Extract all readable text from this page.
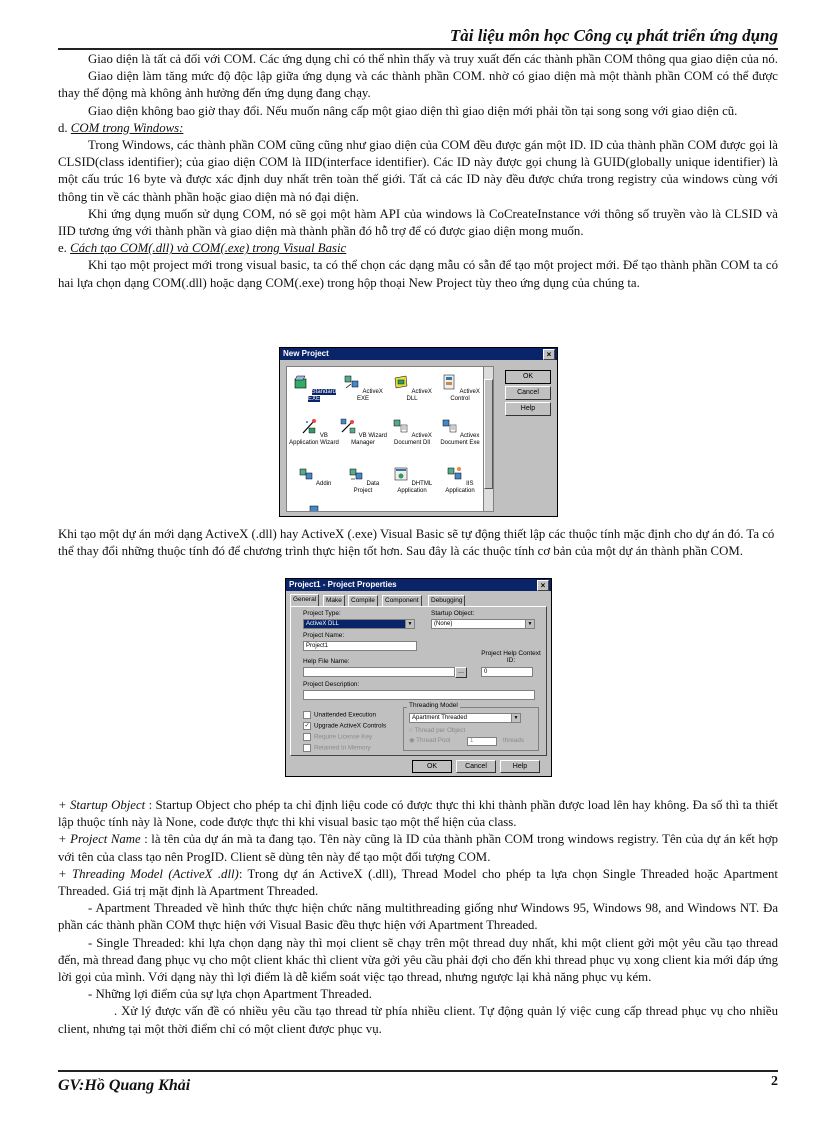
Tài liệu môn học Công cụ phát triển ứng dụng

Giao diện là tất cả đối với COM. Các ứng dụng chỉ có thể nhìn thấy và truy xuất đến các thành phần COM thông qua giao diện của nó.

Giao diện làm tăng mức độ độc lập giữa ứng dụng và các thành phần COM. nhờ có giao diện mà một thành phần COM có thể được thay thế động mà không ảnh hưởng đến ứng dụng đang chạy.

Giao diện không bao giờ thay đổi. Nếu muốn nâng cấp một giao diện thì giao diện mới phải tồn tại song song với giao diện cũ.

d. COM trong Windows:

Trong Windows, các thành phần COM cũng cũng như giao diện của COM đều được gán một ID. ID của thành phần COM được gọi là CLSID(class identifier); của giao diện COM là IID(interface identifier). Các ID này được gọi chung là GUID(globally unique identifier) là một cấu trúc 16 byte và được xác định duy nhất trên toàn thế giới. Tất cả các ID này đều được chứa trong registry của windows cùng với thông tin về các thành phần hoặc giao diện mà nó đại diện.

Khi ứng dụng muốn sử dụng COM, nó sẽ gọi một hàm API của windows là CoCreateInstance với thông số truyền vào là CLSID và IID tương ứng với thành phần và giao diện mà thành phần đó hỗ trợ để có được giao diện mong muốn.

e. Cách tạo COM(.dll) và COM(.exe) trong Visual Basic

Khi tạo một project mới trong visual basic, ta có thể chọn các dạng mẫu có sẵn để tạo một project mới. Để tạo thành phần COM ta có hai lựa chọn dạng COM(.dll) hoặc dạng COM(.exe) trong hộp thoại New Project tùy theo ứng dụng của chúng ta.

New Project	×
Standard EXE
ActiveX EXE
ActiveX DLL
ActiveX Control
VB Application Wizard
VB Wizard Manager
ActiveX Document Dll
Activex Document Exe
Addin	Data Project
DHTML Application
IIS Application
OK
Cancel
Help

Khi tạo một dự án mới dạng ActiveX (.dll) hay ActiveX (.exe) Visual Basic sẽ tự động thiết lập các thuộc tính mặc định cho dự án đó. Ta có thể thay đổi những thuộc tính đó để chương trình thực hiện tốt hơn. Sau đây là các thuộc tính cơ bản của một dự án thành phần COM.

Project1 - Project Properties	×
General	Make	Compile	Component	Debugging
Project Type:
ActiveX DLL	▼
Startup Object:
(None)	▼
Project Name:
Project1
Help File Name:
...
Project Help Context ID:
0
Project Description:
Unattended Execution
✓ Upgrade ActiveX Controls
Require License Key
Retained In Memory
Threading Model
Apartment Threaded	▼
○ Thread per Object
◉ Thread Pool	1	threads
OK	Cancel	Help

+ Startup Object : Startup Object cho phép ta chỉ định liệu code có được thực thi khi thành phần được load lên hay không. Đa số thì ta thiết lập thuộc tính này là None, code được thực thi khi visual basic tạo một thể hiện của class.

+ Project Name : là tên của dự án mà ta đang tạo. Tên này cũng là ID của thành phần COM trong windows registry. Tên của dự án kết hợp với tên của class tạo nên ProgID. Client sẽ dùng tên này để tạo một đối tượng COM.

+ Threading Model (ActiveX .dll): Trong dự án ActiveX (.dll), Thread Model cho phép ta lựa chọn Single Threaded hoặc Apartment Threaded. Giá trị mặt định là Apartment Threaded.

- Apartment Threaded về hình thức thực hiện chức năng multithreading giống như Windows 95, Windows 98, and Windows NT. Đa phần các thành phần COM thực hiện với Visual Basic đều thực hiện với Apartment Threaded.

- Single Threaded: khi lựa chọn dạng này thì mọi client sẽ chạy trên một thread duy nhất, khi một client gởi một yêu cầu tạo thread đến, mà thread đang phục vụ cho một client khác thì client vừa gởi yêu cầu phải đợi cho đến khi thread phục vụ xong client kia mới đáp ứng lời gọi của mình. Với dạng này thì lợi điểm là dễ kiểm soát việc tạo thread, nhưng ngược lại khả năng phục vụ kém.

- Những lợi điểm của sự lựa chọn Apartment Threaded.

. Xử lý được vấn đề có nhiều yêu cầu tạo thread từ phía nhiều client. Tự động quản lý việc cung cấp thread phục vụ cho nhiều client, nhưng tại một thời điểm chỉ có một client được phục vụ.

GV:Hồ Quang Khải	2
